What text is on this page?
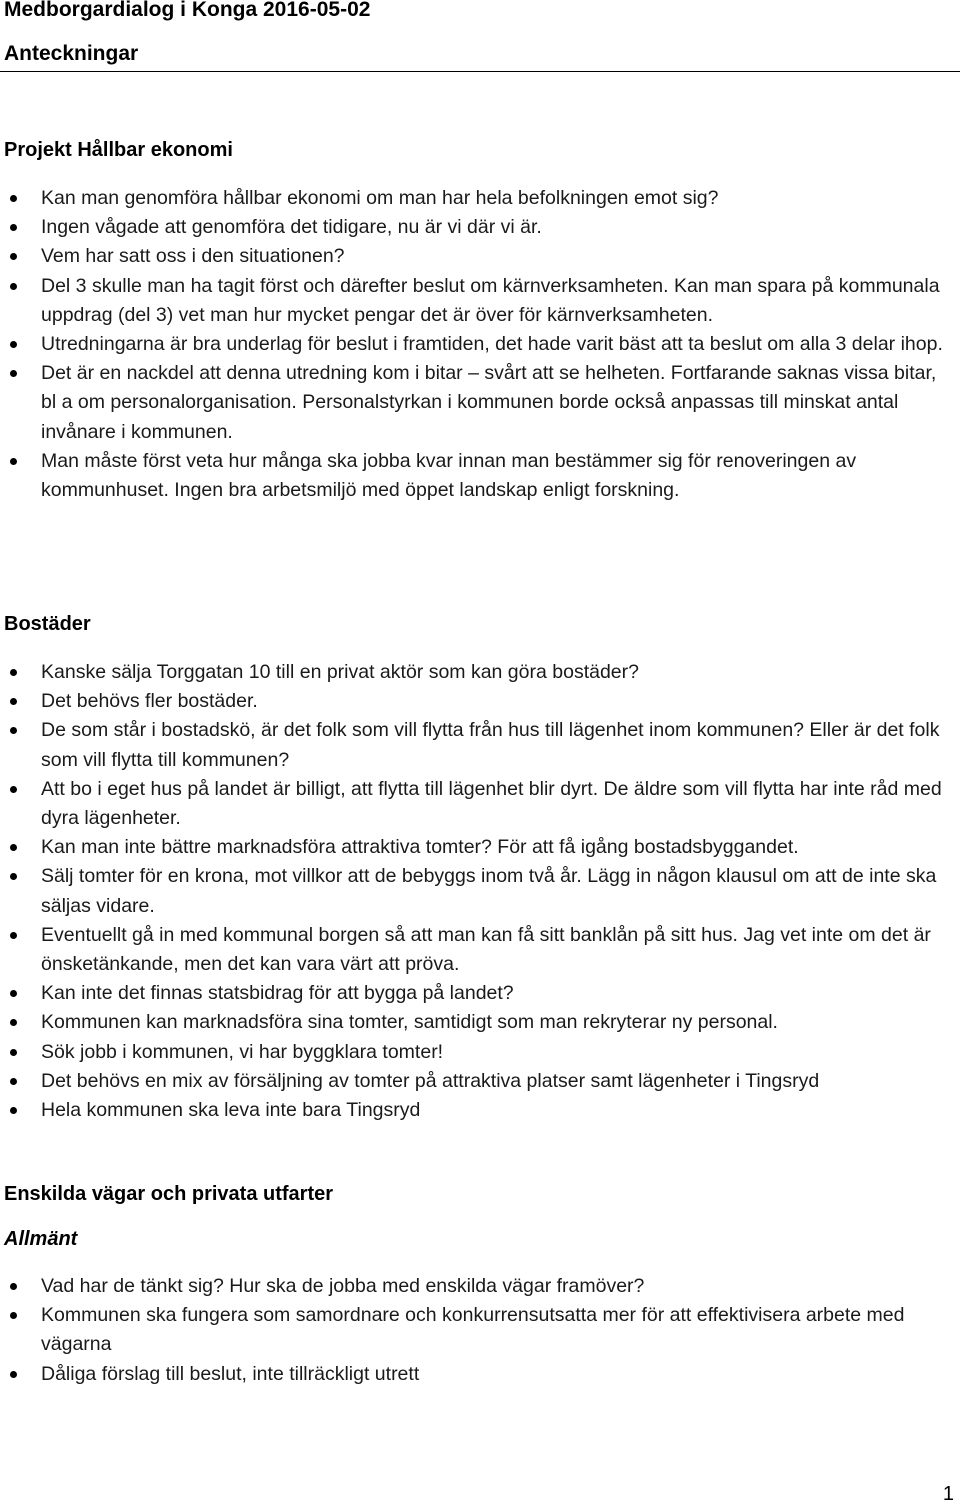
Medborgardialog i Konga 2016-05-02
Anteckningar
Projekt Hållbar ekonomi
Kan man genomföra hållbar ekonomi om man har hela befolkningen emot sig?
Ingen vågade att genomföra det tidigare, nu är vi där vi är.
Vem har satt oss i den situationen?
Del 3 skulle man ha tagit först och därefter beslut om kärnverksamheten. Kan man spara på kommunala uppdrag (del 3) vet man hur mycket pengar det är över för kärnverksamheten.
Utredningarna är bra underlag för beslut i framtiden, det hade varit bäst att ta beslut om alla 3 delar ihop.
Det är en nackdel att denna utredning kom i bitar – svårt att se helheten. Fortfarande saknas vissa bitar, bl a om personalorganisation. Personalstyrkan i kommunen borde också anpassas till minskat antal invånare i kommunen.
Man måste först veta hur många ska jobba kvar innan man bestämmer sig för renoveringen av kommunhuset. Ingen bra arbetsmiljö med öppet landskap enligt forskning.
Bostäder
Kanske sälja Torggatan 10 till en privat aktör som kan göra bostäder?
Det behövs fler bostäder.
De som står i bostadskö, är det folk som vill flytta från hus till lägenhet inom kommunen? Eller är det folk som vill flytta till kommunen?
Att bo i eget hus på landet är billigt, att flytta till lägenhet blir dyrt. De äldre som vill flytta har inte råd med dyra lägenheter.
Kan man inte bättre marknadsföra attraktiva tomter? För att få igång bostadsbyggandet.
Sälj tomter för en krona, mot villkor att de bebyggs inom två år. Lägg in någon klausul om att de inte ska säljas vidare.
Eventuellt gå in med kommunal borgen så att man kan få sitt banklån på sitt hus. Jag vet inte om det är önsketänkande, men det kan vara värt att pröva.
Kan inte det finnas statsbidrag för att bygga på landet?
Kommunen kan marknadsföra sina tomter, samtidigt som man rekryterar ny personal.
Sök jobb i kommunen, vi har byggklara tomter!
Det behövs en mix av försäljning av tomter på attraktiva platser samt lägenheter i Tingsryd
Hela kommunen ska leva inte bara Tingsryd
Enskilda vägar och privata utfarter
Allmänt
Vad har de tänkt sig? Hur ska de jobba med enskilda vägar framöver?
Kommunen ska fungera som samordnare och konkurrensutsatta mer för att effektivisera arbete med vägarna
Dåliga förslag till beslut, inte tillräckligt utrett
1
